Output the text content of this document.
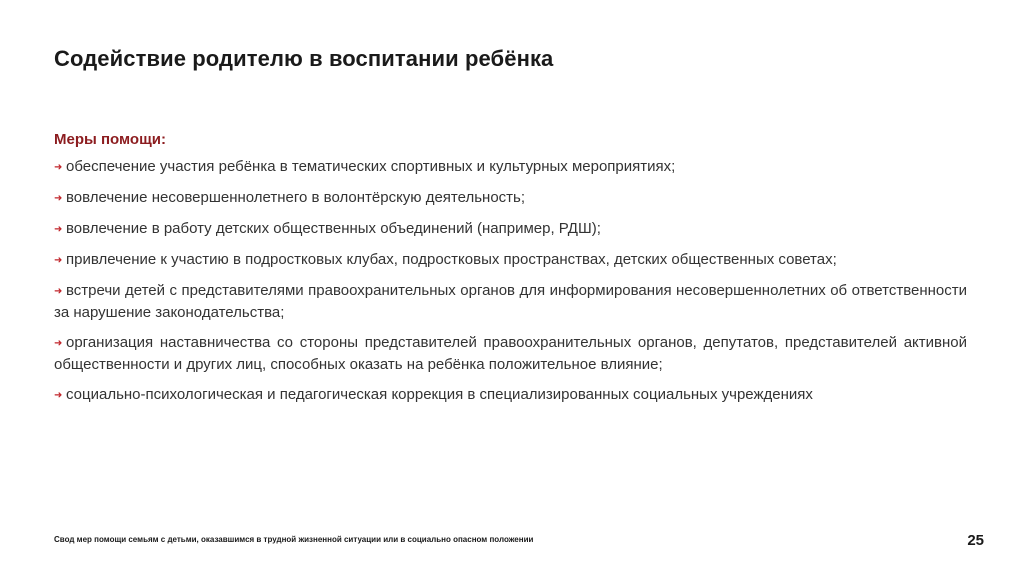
Содействие родителю в воспитании ребёнка
Меры помощи:
➜ обеспечение участия ребёнка в тематических спортивных и культурных мероприятиях;
➜ вовлечение несовершеннолетнего в волонтёрскую деятельность;
➜ вовлечение в работу детских общественных объединений (например, РДШ);
➜ привлечение к участию в подростковых клубах, подростковых пространствах, детских общественных советах;
➜ встречи детей с представителями правоохранительных органов для информирования несовершеннолетних об ответственности за нарушение законодательства;
➜ организация наставничества со стороны представителей правоохранительных органов, депутатов, представителей активной общественности и других лиц, способных оказать на ребёнка положительное влияние;
➜ социально-психологическая и педагогическая коррекция в специализированных социальных учреждениях
Свод мер помощи семьям с детьми, оказавшимся в трудной жизненной ситуации или в социально опасном положении	25
